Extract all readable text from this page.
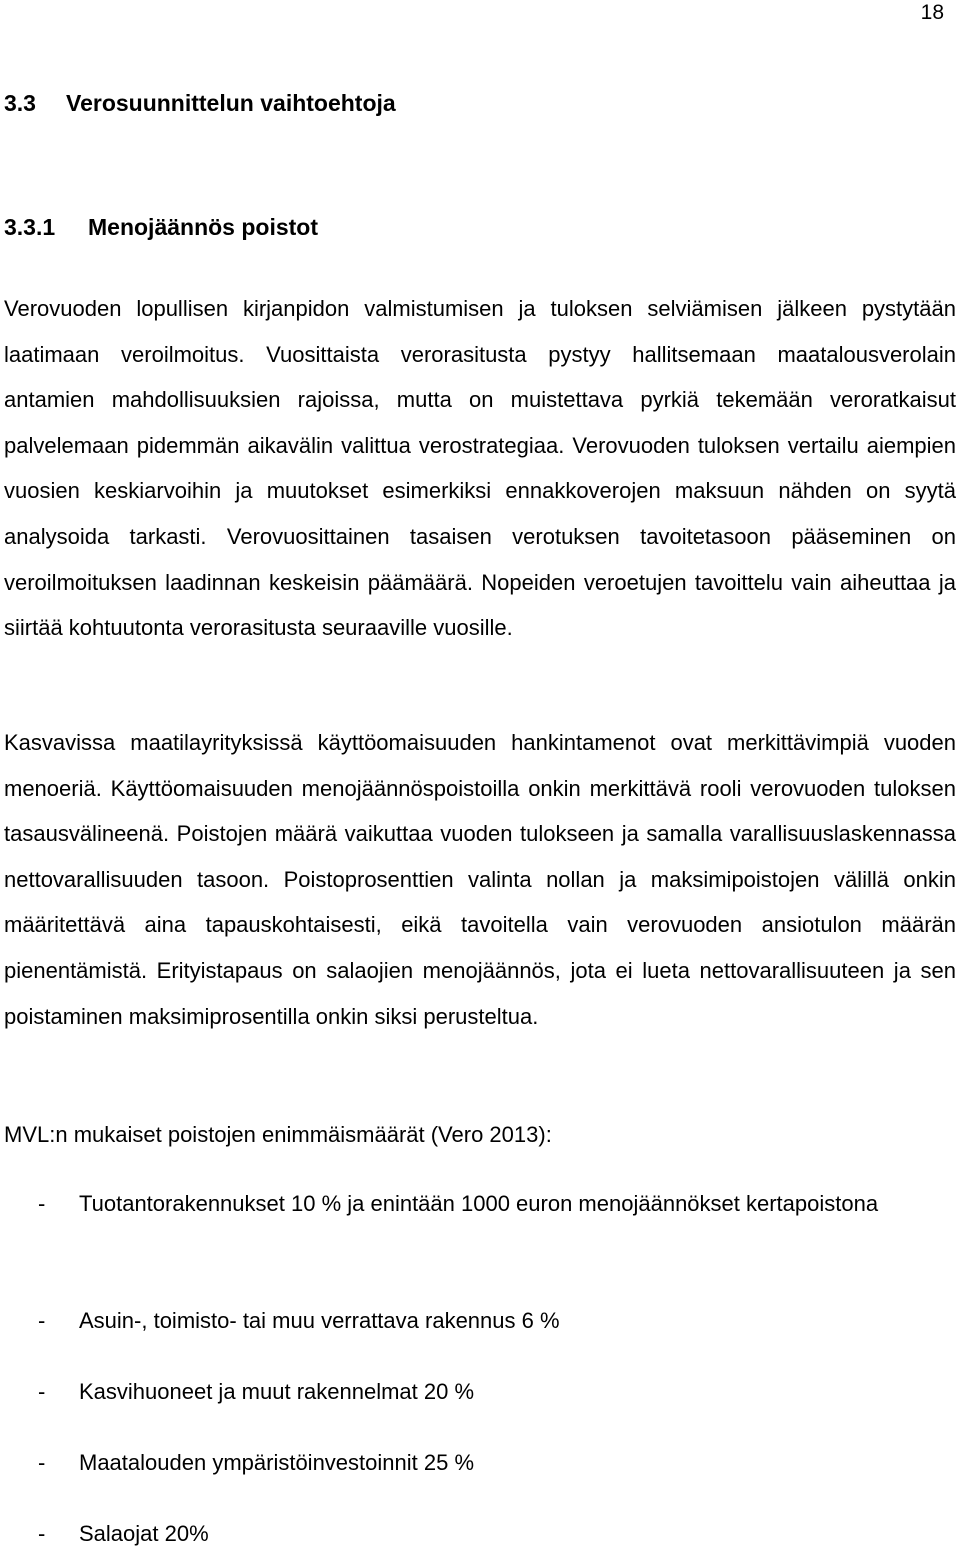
18
3.3 Verosuunnittelun vaihtoehtoja
3.3.1 Menojäännös poistot

Verovuoden lopullisen kirjanpidon valmistumisen ja tuloksen selviämisen jälkeen pystytään laatimaan veroilmoitus. Vuosittaista verorasitusta pystyy hallitsemaan maatalousverolain antamien mahdollisuuksien rajoissa, mutta on muistettava pyrkiä tekemään veroratkaisut palvelemaan pidemmän aikavälin valittua verostrategiaa. Verovuoden tuloksen vertailu aiempien vuosien keskiarvoihin ja muutokset esimerkiksi ennakkoverojen maksuun nähden on syytä analysoida tarkasti. Verovuosittainen tasaisen verotuksen tavoitetasoon pääseminen on veroilmoituksen laadinnan keskeisin päämäärä. Nopeiden veroetujen tavoittelu vain aiheuttaa ja siirtää kohtuutonta verorasitusta seuraaville vuosille.

Kasvavissa maatilayrityksissä käyttöomaisuuden hankintamenot ovat merkittävimpiä vuoden menoeriä. Käyttöomaisuuden menojäännöspoistoilla onkin merkittävä rooli verovuoden tuloksen tasausvälineenä. Poistojen määrä vaikuttaa vuoden tulokseen ja samalla varallisuuslaskennassa nettovarallisuuden tasoon. Poistoprosenttien valinta nollan ja maksimipoistojen välillä onkin määritettävä aina tapauskohtaisesti, eikä tavoitella vain verovuoden ansiotulon määrän pienentämistä. Erityistapaus on salaojien menojäännös, jota ei lueta nettovarallisuuteen ja sen poistaminen maksimiprosentilla onkin siksi perusteltua.

MVL:n mukaiset poistojen enimmäismäärät (Vero 2013):

- Tuotantorakennukset 10 % ja enintään 1000 euron menojäännökset kertapoistona
- Asuin-, toimisto- tai muu verrattava rakennus 6 %
- Kasvihuoneet ja muut rakennelmat 20 %
- Maatalouden ympäristöinvestoinnit 25 %
- Salaojat 20%
